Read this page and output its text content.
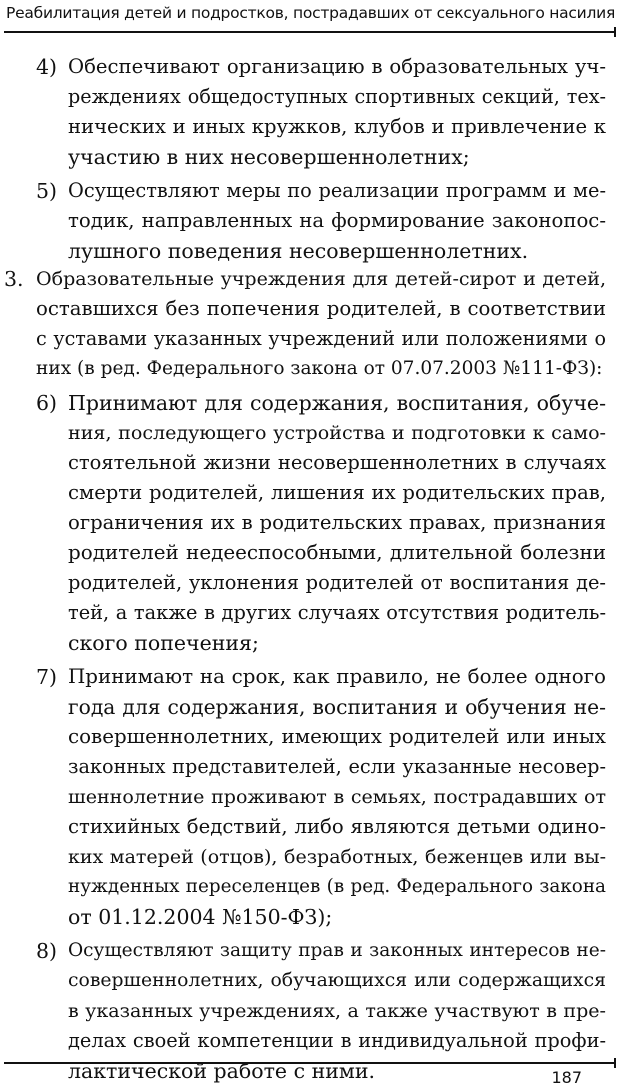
Реабилитация детей и подростков, пострадавших от сексуального насилия
4) Обеспечивают организацию в образовательных уч-
реждениях общедоступных спортивных секций, тех-
нических и иных кружков, клубов и привлечение к
участию в них несовершеннолетних;
5) Осуществляют меры по реализации программ и ме-
тодик, направленных на формирование законопос-
лушного поведения несовершеннолетних.
3. Образовательные учреждения для детей-сирот и детей,
оставшихся без попечения родителей, в соответствии
с уставами указанных учреждений или положениями о
них (в ред. Федерального закона от 07.07.2003 №111-ФЗ):
6) Принимают для содержания, воспитания, обуче-
ния, последующего устройства и подготовки к само-
стоятельной жизни несовершеннолетних в случаях
смерти родителей, лишения их родительских прав,
ограничения их в родительских правах, признания
родителей недееспособными, длительной болезни
родителей, уклонения родителей от воспитания де-
тей, а также в других случаях отсутствия родитель-
ского попечения;
7) Принимают на срок, как правило, не более одного
года для содержания, воспитания и обучения не-
совершеннолетних, имеющих родителей или иных
законных представителей, если указанные несовер-
шеннолетние проживают в семьях, пострадавших от
стихийных бедствий, либо являются детьми одино-
ких матерей (отцов), безработных, беженцев или вы-
нужденных переселенцев (в ред. Федерального закона
от 01.12.2004 №150-ФЗ);
8) Осуществляют защиту прав и законных интересов не-
совершеннолетних, обучающихся или содержащихся
в указанных учреждениях, а также участвуют в пре-
делах своей компетенции в индивидуальной профи-
лактической работе с ними.	187
